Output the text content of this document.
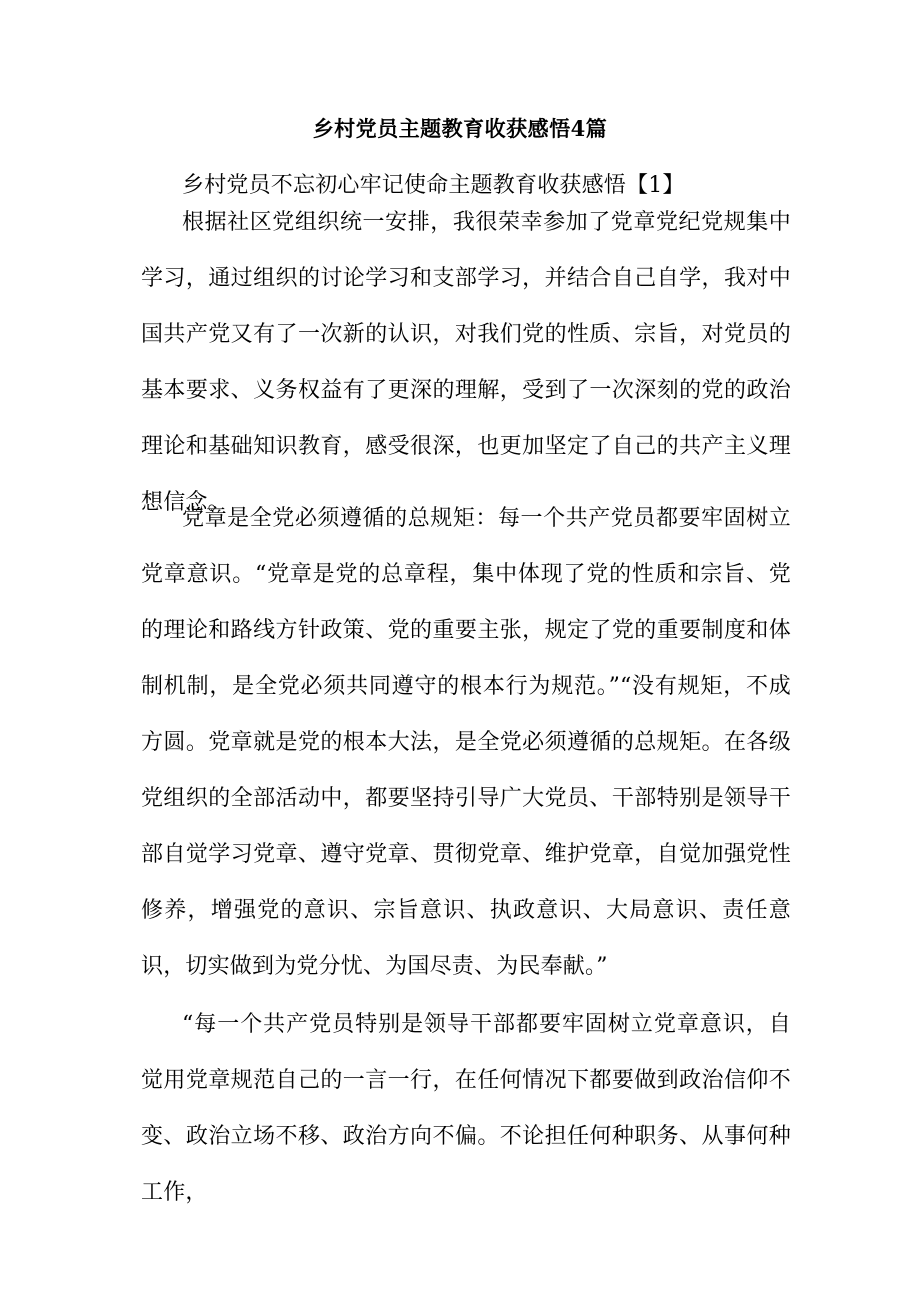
乡村党员主题教育收获感悟4篇
乡村党员不忘初心牢记使命主题教育收获感悟【1】

根据社区党组织统一安排，我很荣幸参加了党章党纪党规集中学习，通过组织的讨论学习和支部学习，并结合自己自学，我对中国共产党又有了一次新的认识，对我们党的性质、宗旨，对党员的基本要求、义务权益有了更深的理解，受到了一次深刻的党的政治理论和基础知识教育，感受很深，也更加坚定了自己的共产主义理想信念。

党章是全党必须遵循的总规矩：每一个共产党员都要牢固树立党章意识。“党章是党的总章程，集中体现了党的性质和宗旨、党的理论和路线方针政策、党的重要主张，规定了党的重要制度和体制机制，是全党必须共同遵守的根本行为规范。”“没有规矩，不成方圆。党章就是党的根本大法，是全党必须遵循的总规矩。在各级党组织的全部活动中，都要坚持引导广大党员、干部特别是领导干部自觉学习党章、遵守党章、贯彻党章、维护党章，自觉加强党性修养，增强党的意识、宗旨意识、执政意识、大局意识、责任意识，切实做到为党分忧、为国尽责、为民奉献。”

“每一个共产党员特别是领导干部都要牢固树立党章意识，自觉用党章规范自己的一言一行，在任何情况下都要做到政治信仰不变、政治立场不移、政治方向不偏。不论担任何种职务、从事何种工作，
